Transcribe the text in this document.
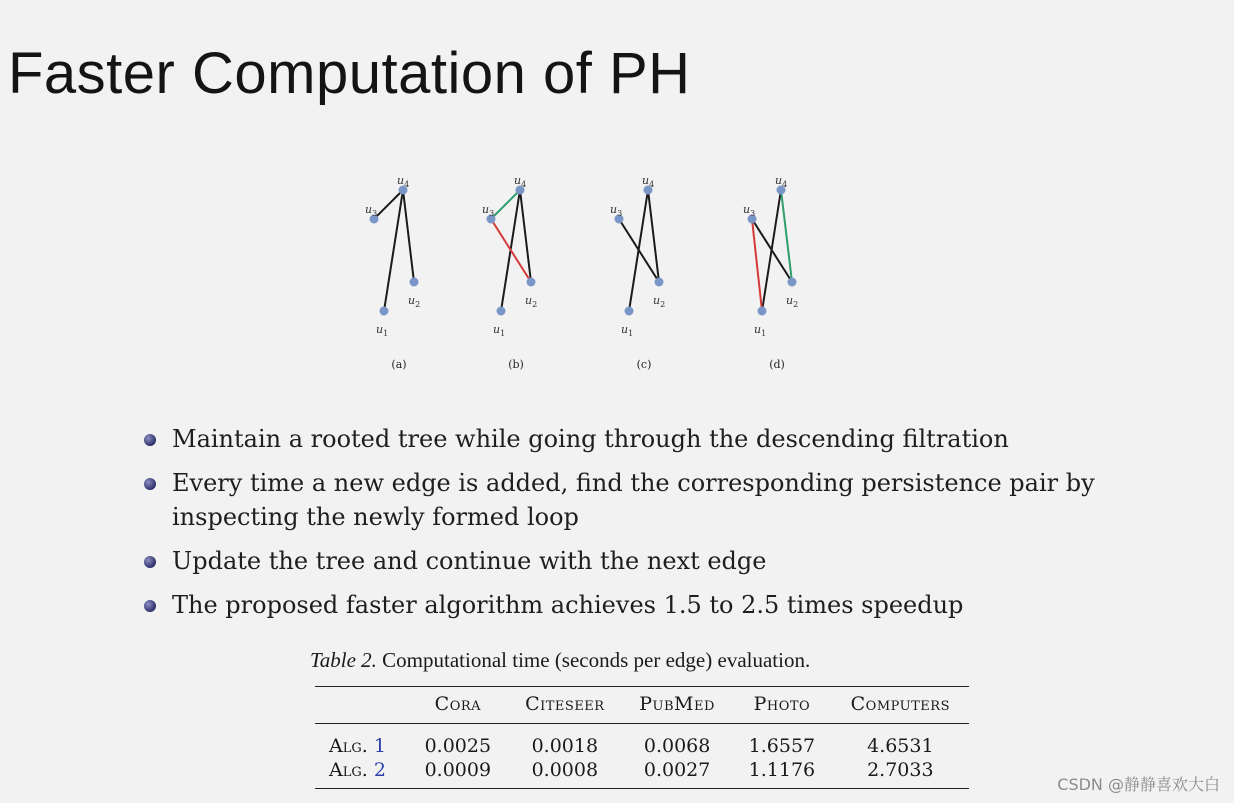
Faster Computation of PH
$u_1$
$u_2$
$u_3$
$u_4$
(a)
$u_1$
$u_2$
$u_3$
$u_4$
(b)
$u_1$
$u_2$
$u_3$
$u_4$
(c)
$u_1$
$u_2$
$u_3$
$u_4$
(d)
Maintain a rooted tree while going through the descending filtration
Every time a new edge is added, find the corresponding persistence pair by inspecting the newly formed loop
Update the tree and continue with the next edge
The proposed faster algorithm achieves 1.5 to 2.5 times speedup
Table 2. Computational time (seconds per edge) evaluation.
	Cora	Citeseer	PubMed	Photo	Computers
Alg. 1	0.0025	0.0018	0.0068	1.6557	4.6531
Alg. 2	0.0009	0.0008	0.0027	1.1176	2.7033
CSDN @静静喜欢大白
